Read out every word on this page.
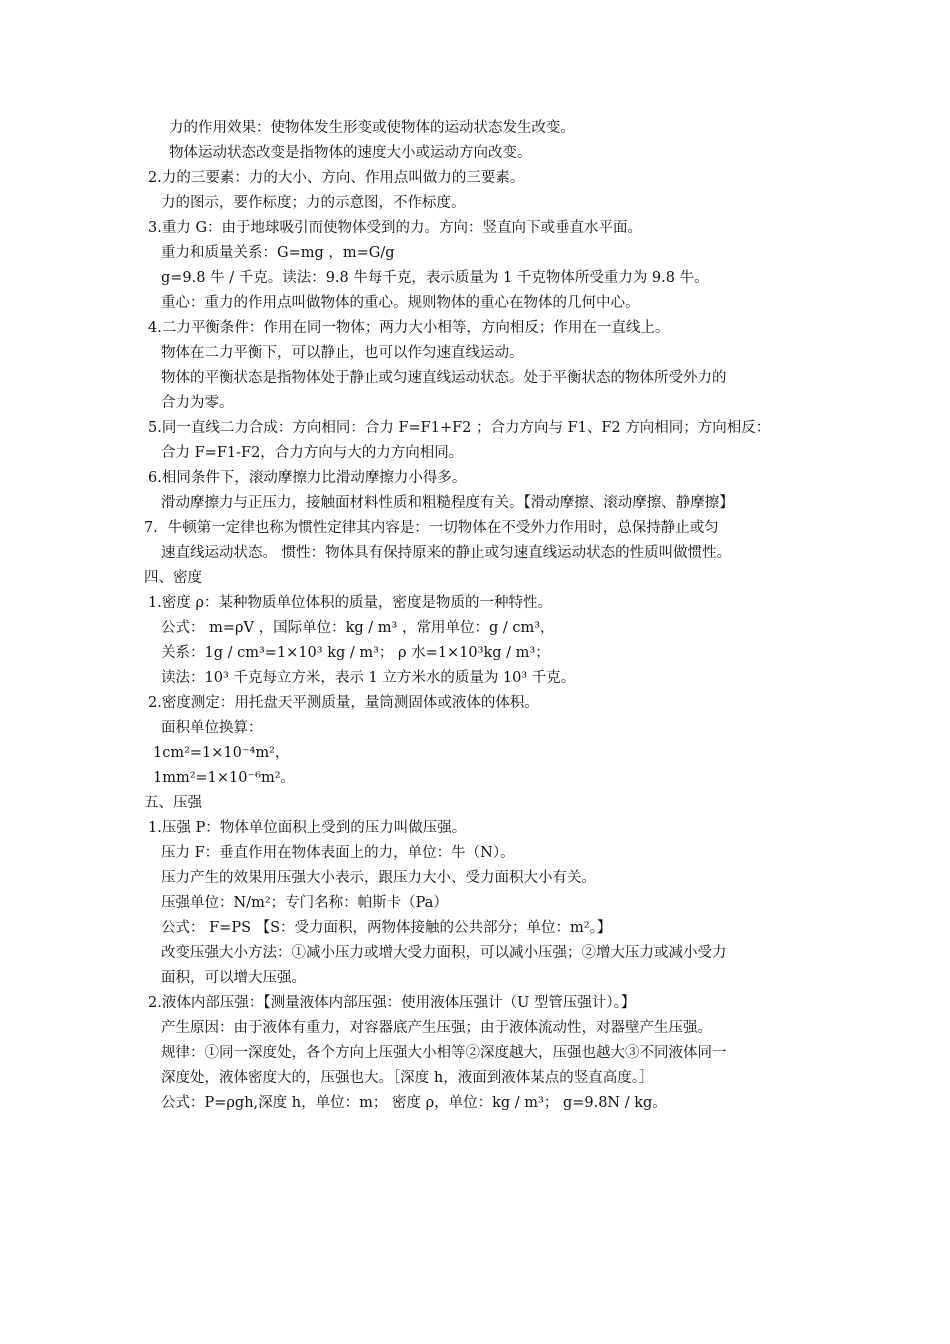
力的作用效果：使物体发生形变或使物体的运动状态发生改变。
物体运动状态改变是指物体的速度大小或运动方向改变。
2.力的三要素：力的大小、方向、作用点叫做力的三要素。
力的图示，要作标度；力的示意图，不作标度。
3.重力 G：由于地球吸引而使物体受到的力。方向：竖直向下或垂直水平面。
重力和质量关系：G=mg ，m=G/g
g=9.8 牛 / 千克。读法：9.8 牛每千克，表示质量为 1 千克物体所受重力为 9.8 牛。
重心：重力的作用点叫做物体的重心。规则物体的重心在物体的几何中心。
4.二力平衡条件：作用在同一物体；两力大小相等，方向相反；作用在一直线上。
物体在二力平衡下，可以静止，也可以作匀速直线运动。
物体的平衡状态是指物体处于静止或匀速直线运动状态。处于平衡状态的物体所受外力的
合力为零。
5.同一直线二力合成：方向相同：合力 F=F1+F2 ；合力方向与 F1、F2 方向相同；方向相反：
合力 F=F1-F2，合力方向与大的力方向相同。
6.相同条件下，滚动摩擦力比滑动摩擦力小得多。
滑动摩擦力与正压力，接触面材料性质和粗糙程度有关。【滑动摩擦、滚动摩擦、静摩擦】
7．牛顿第一定律也称为惯性定律其内容是：一切物体在不受外力作用时，总保持静止或匀
速直线运动状态。 惯性：物体具有保持原来的静止或匀速直线运动状态的性质叫做惯性。
四、密度
1.密度 ρ：某种物质单位体积的质量，密度是物质的一种特性。
公式： m=ρV ，国际单位：kg / m³ ，常用单位：g / cm³，
关系：1g / cm³=1×10³ kg / m³； ρ 水=1×10³kg / m³；
读法：10³ 千克每立方米，表示 1 立方米水的质量为 10³ 千克。
2.密度测定：用托盘天平测质量，量筒测固体或液体的体积。
面积单位换算：
1cm²=1×10⁻⁴m²，
1mm²=1×10⁻⁶m²。
五、压强
1.压强 P：物体单位面积上受到的压力叫做压强。
压力 F：垂直作用在物体表面上的力，单位：牛（N）。
压力产生的效果用压强大小表示，跟压力大小、受力面积大小有关。
压强单位：N/m²；专门名称：帕斯卡（Pa）
公式： F=PS 【S：受力面积，两物体接触的公共部分；单位：m²。】
改变压强大小方法：①减小压力或增大受力面积，可以减小压强；②增大压力或减小受力
面积，可以增大压强。
2.液体内部压强：【测量液体内部压强：使用液体压强计（U 型管压强计）。】
产生原因：由于液体有重力，对容器底产生压强；由于液体流动性，对器壁产生压强。
规律：①同一深度处，各个方向上压强大小相等②深度越大，压强也越大③不同液体同一
深度处，液体密度大的，压强也大。［深度 h，液面到液体某点的竖直高度。］
公式：P=ρgh,深度 h，单位：m； 密度 ρ，单位：kg / m³； g=9.8N / kg。
